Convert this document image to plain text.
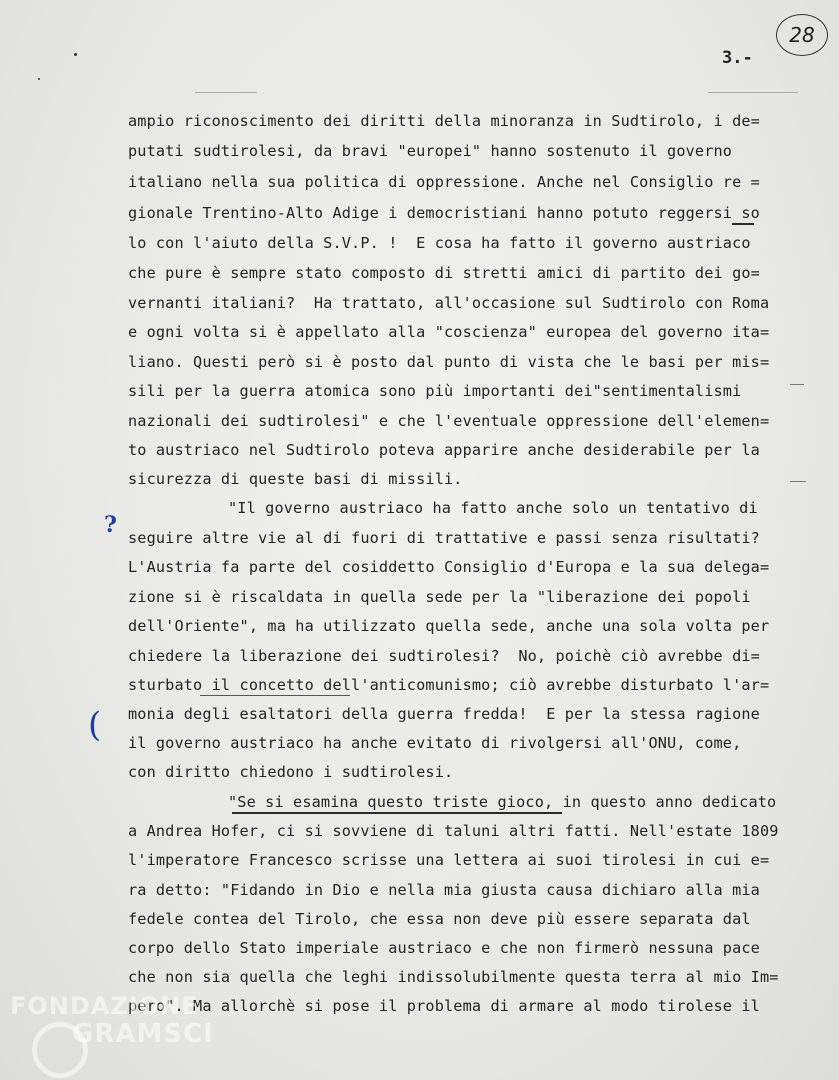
3.-
28
ampio riconoscimento dei diritti della minoranza in Sudtirolo, i de=
putati sudtirolesi, da bravi "europei" hanno sostenuto il governo
italiano nella sua politica di oppressione. Anche nel Consiglio re =
gionale Trentino-Alto Adige i democristiani hanno potuto reggersi so
lo con l'aiuto della S.V.P. !  E cosa ha fatto il governo austriaco
che pure è sempre stato composto di stretti amici di partito dei go=
vernanti italiani?  Ha trattato, all'occasione sul Sudtirolo con Roma
e ogni volta si è appellato alla "coscienza" europea del governo ita=
liano. Questi però si è posto dal punto di vista che le basi per mis=
sili per la guerra atomica sono più importanti dei"sentimentalismi
nazionali dei sudtirolesi" e che l'eventuale oppressione dell'elemen=
to austriaco nel Sudtirolo poteva apparire anche desiderabile per la
sicurezza di queste basi di missili.
"Il governo austriaco ha fatto anche solo un tentativo di
seguire altre vie al di fuori di trattative e passi senza risultati?
L'Austria fa parte del cosiddetto Consiglio d'Europa e la sua delega=
zione si è riscaldata in quella sede per la "liberazione dei popoli
dell'Oriente", ma ha utilizzato quella sede, anche una sola volta per
chiedere la liberazione dei sudtirolesi?  No, poichè ciò avrebbe di=
sturbato il concetto dell'anticomunismo; ciò avrebbe disturbato l'ar=
monia degli esaltatori della guerra fredda!  E per la stessa ragione
il governo austriaco ha anche evitato di rivolgersi all'ONU, come,
con diritto chiedono i sudtirolesi.
"Se si esamina questo triste gioco, in questo anno dedicato
a Andrea Hofer, ci si sovviene di taluni altri fatti. Nell'estate 1809
l'imperatore Francesco scrisse una lettera ai suoi tirolesi in cui e=
ra detto: "Fidando in Dio e nella mia giusta causa dichiaro alla mia
fedele contea del Tirolo, che essa non deve più essere separata dal
corpo dello Stato imperiale austriaco e che non firmerò nessuna pace
che non sia quella che leghi indissolubilmente questa terra al mio Im=
pero". Ma allorchè si pose il problema di armare al modo tirolese il
?
(
FONDAZIONE
GRAMSCI
